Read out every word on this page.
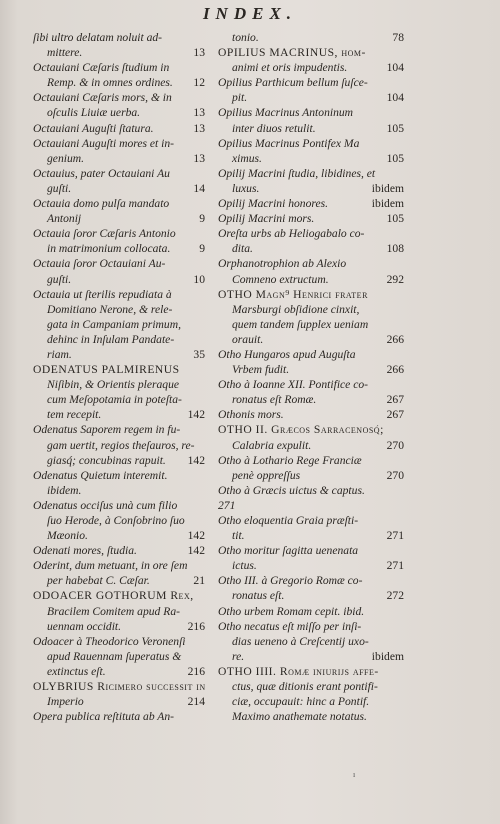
INDEX.
ſibi ultro delatam noluit ad-
mittere.	13
Octauiani Cæſaris ſtudium in
Remp. & in omnes ordines. 12
Octauiani Cæſaris mors, & in
oſculis Liuiæ uerba.	13
Octauiani Auguſti ſtatura.	13
Octauiani Auguſti mores et in-
genium.	13
Octauius, pater Octauiani Au
guſti.	14
Octauia domo pulſa mandato
Antonij	9
Octauia ſoror Cæſaris Antonio
in matrimonium collocata. 9
Octauia ſoror Octauiani Au-
guſti.	10
Octauia ut ſterilis repudiata à
Domitiano Nerone, & rele-
gata in Campaniam primum,
dehinc in Inſulam Pandate-
riam.	35
ODENATUS PALMIRENUS
Niſibin, & Orientis pleraque
cum Meſopotamia in poteſta-
tem recepit.	142
Odenatus Saporem regem in fu-
gam uertit, regios theſauros, re-
giasq́; concubinas rapuit. 142
Odenatus Quietum interemit.
ibidem.
Odenatus occiſus unà cum filio
ſuo Herode, à Conſobrino ſuo
Mæonio.	142
Odenati mores, ſtudia.	142
Oderint, dum metuant, in ore ſem
per habebat C. Cæſar.	21
ODOACER GOTHORUM Rex,
Bracilem Comitem apud Ra-
uennam occidit.	216
Odoacer à Theodorico Veronenſi
apud Rauennam ſuperatus &
extinctus eſt.	216
OLYBRIUS Ricimero ſucceſſit in
Imperio	214
Opera publica reſtituta ab An-
tonio.	78
OPILIUS MACRINUS, hom-
animi et oris impudentis.	104
Opilius Parthicum bellum ſuſce-
pit.	104
Opilius Macrinus Antoninum
inter diuos retulit.	105
Opilius Macrinus Pontifex Ma
ximus.	105
Opilij Macrini ſtudia, libidines, et
luxus.	ibidem
Opilij Macrini honores.	ibidem
Opilij Macrini mors.	105
Oreſta urbs ab Heliogabalo co-
dita.	108
Orphanotrophion ab Alexio
Comneno extructum.	292
OTHO Magn⁹ Henrici frater
Marsburgi obſidione cinxit,
quem tandem ſupplex ueniam
orauit.	266
Otho Hungaros apud Auguſta
Vrbem fudit.	266
Otho à Ioanne XII. Pontifice co-
ronatus eſt Romæ.	267
Othonis mors.	267
OTHO II. Græcos Sarracenosq́;
Calabria expulit.	270
Otho à Lothario Rege Franciæ
penè oppreſſus	270
Otho à Græcis uictus & captus.
271
Otho eloquentia Graia præſti-
tit.	271
Otho moritur ſagitta uenenata
ictus.	271
Otho III. à Gregorio Romæ co-
ronatus eſt.	272
Otho urbem Romam cepit. ibid.
Otho necatus eſt miſſo per inſi-
dias ueneno à Creſcentij uxo-
re.	ibidem
OTHO IIII. Romæ iniurijs affe-
ctus, quæ ditionis erant pontifi-
ciæ, occupauit: hinc a Pontif.
Maximo anathemate notatus.
ı
